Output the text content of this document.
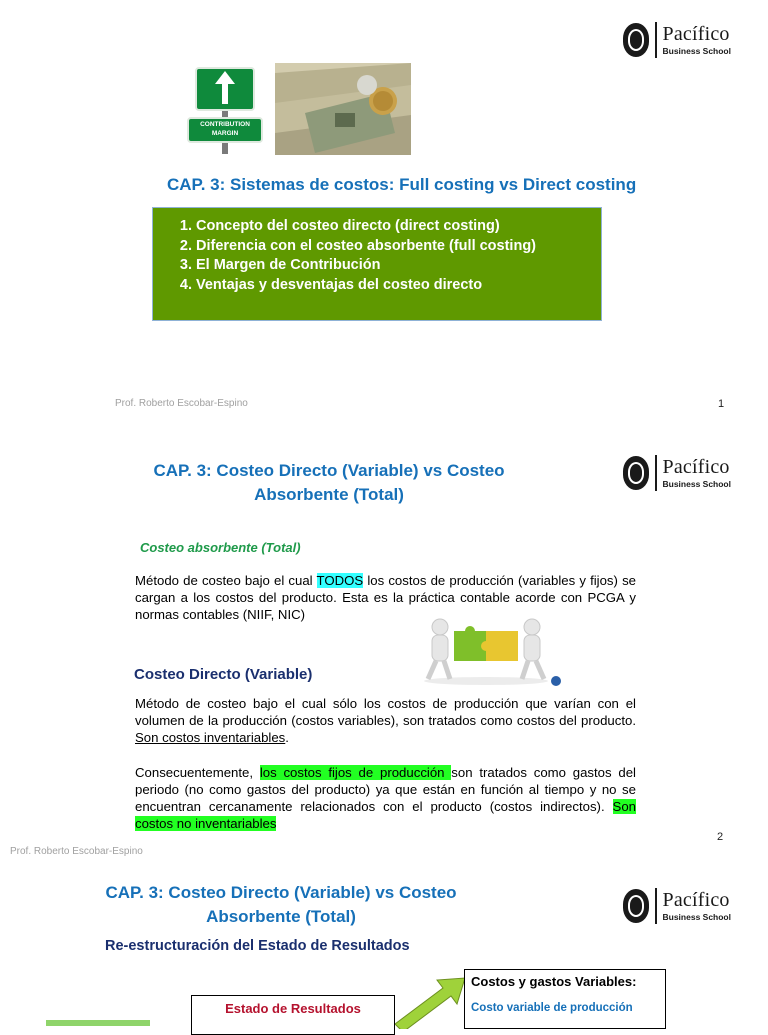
Pacífico
Business School
CONTRIBUTION MARGIN
CAP. 3: Sistemas de costos: Full costing vs Direct costing
1. Concepto del costeo directo (direct costing)
2. Diferencia con el costeo absorbente (full costing)
3. El Margen de Contribución
4. Ventajas y desventajas del costeo directo
Prof. Roberto Escobar-Espino	1
Pacífico
Business School
CAP. 3: Costeo Directo (Variable) vs Costeo
Absorbente (Total)
Costeo absorbente (Total)
Método de costeo bajo el cual TODOS los costos de producción (variables y fijos) se cargan a los costos del producto. Esta es la práctica contable acorde con PCGA y normas contables (NIIF, NIC)
Costeo Directo (Variable)
Método de costeo bajo el cual sólo los costos de producción que varían con el volumen de la producción (costos variables), son tratados como costos del producto. Son costos inventariables.
Consecuentemente, los costos fijos de producción son tratados como gastos del periodo (no como gastos del producto) ya que están en función al tiempo y no se encuentran cercanamente relacionados con el producto (costos indirectos). Son costos no inventariables
2
Prof. Roberto Escobar-Espino
Pacífico
Business School
CAP. 3: Costeo Directo (Variable) vs Costeo
Absorbente (Total)
Re-estructuración del Estado de Resultados
Estado de Resultados
Costos y gastos Variables:
Costo variable de producción
